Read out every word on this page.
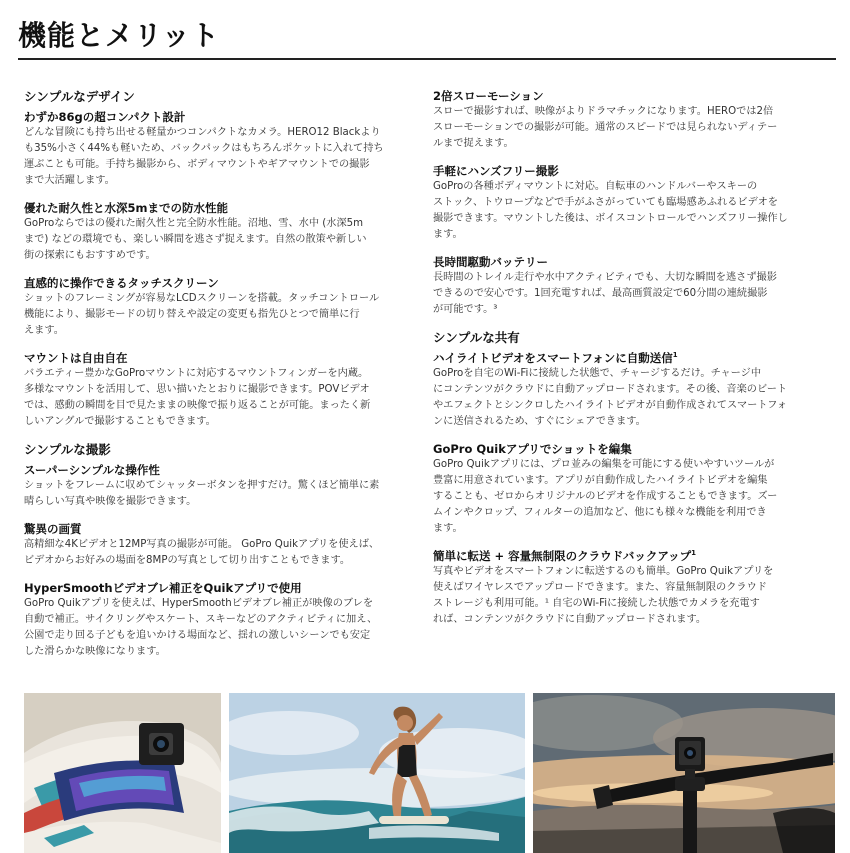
機能とメリット
シンプルなデザイン
わずか86gの超コンパクト設計
どんな冒険にも持ち出せる軽量かつコンパクトなカメラ。HERO12 Blackより
も35%小さく44%も軽いため、バックパックはもちろんポケットに入れて持ち
運ぶことも可能。手持ち撮影から、ボディマウントやギアマウントでの撮影
まで大活躍します。
優れた耐久性と水深5mまでの防水性能
GoProならではの優れた耐久性と完全防水性能。沼地、雪、水中 (水深5m
まで) などの環境でも、楽しい瞬間を逃さず捉えます。自然の散策や新しい
街の探索にもおすすめです。
直感的に操作できるタッチスクリーン
ショットのフレーミングが容易なLCDスクリーンを搭載。タッチコントロール
機能により、撮影モードの切り替えや設定の変更も指先ひとつで簡単に行
えます。
マウントは自由自在
バラエティー豊かなGoProマウントに対応するマウントフィンガーを内蔵。
多様なマウントを活用して、思い描いたとおりに撮影できます。POVビデオ
では、感動の瞬間を目で見たままの映像で振り返ることが可能。まったく新
しいアングルで撮影することもできます。
シンプルな撮影
スーパーシンプルな操作性
ショットをフレームに収めてシャッターボタンを押すだけ。驚くほど簡単に素
晴らしい写真や映像を撮影できます。
驚異の画質
高精細な4Kビデオと12MP写真の撮影が可能。 GoPro Quikアプリを使えば、
ビデオからお好みの場面を8MPの写真として切り出すこともできます。
HyperSmoothビデオブレ補正をQuikアプリで使用
GoPro Quikアプリを使えば、HyperSmoothビデオブレ補正が映像のブレを
自動で補正。サイクリングやスケート、スキーなどのアクティビティに加え、
公園で走り回る子どもを追いかける場面など、揺れの激しいシーンでも安定
した滑らかな映像になります。
2倍スローモーション
スローで撮影すれば、映像がよりドラマチックになります。HEROでは2倍
スローモーションでの撮影が可能。通常のスピードでは見られないディテー
ルまで捉えます。
手軽にハンズフリー撮影
GoProの各種ボディマウントに対応。自転車のハンドルバーやスキーの
ストック、トウロープなどで手がふさがっていても臨場感あふれるビデオを
撮影できます。マウントした後は、ボイスコントロールでハンズフリー操作し
ます。
長時間駆動バッテリー
長時間のトレイル走行や水中アクティビティでも、大切な瞬間を逃さず撮影
できるので安心です。1回充電すれば、最高画質設定で60分間の連続撮影
が可能です。³
シンプルな共有
ハイライトビデオをスマートフォンに自動送信$^1$
GoProを自宅のWi-Fiに接続した状態で、チャージするだけ。チャージ中
にコンテンツがクラウドに自動アップロードされます。その後、音楽のビート
やエフェクトとシンクロしたハイライトビデオが自動作成されてスマートフォ
ンに送信されるため、すぐにシェアできます。
GoPro Quikアプリでショットを編集
GoPro Quikアプリには、プロ並みの編集を可能にする使いやすいツールが
豊富に用意されています。アプリが自動作成したハイライトビデオを編集
することも、ゼロからオリジナルのビデオを作成することもできます。ズー
ムインやクロップ、フィルターの追加など、他にも様々な機能を利用でき
ます。
簡単に転送 + 容量無制限のクラウドバックアップ$^1$
写真やビデオをスマートフォンに転送するのも簡単。GoPro Quikアプリを
使えばワイヤレスでアップロードできます。また、容量無制限のクラウド
ストレージも利用可能。¹ 自宅のWi-Fiに接続した状態でカメラを充電す
れば、コンテンツがクラウドに自動アップロードされます。
